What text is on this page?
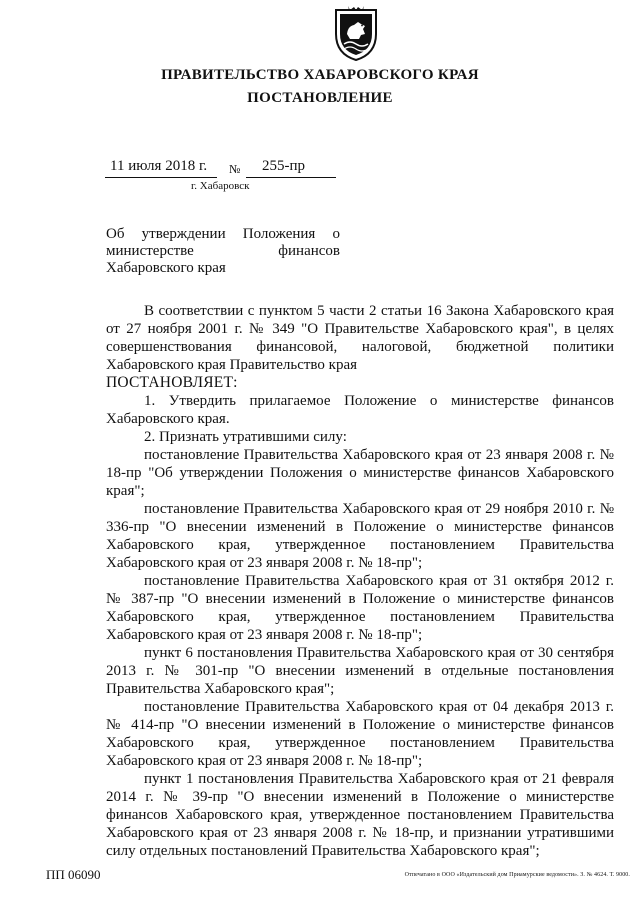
ПРАВИТЕЛЬСТВО ХАБАРОВСКОГО КРАЯ
ПОСТАНОВЛЕНИЕ
11 июля 2018 г. № 255-пр
г. Хабаровск
Об утверждении Положения о министерстве финансов Хабаровского края

В соответствии с пунктом 5 части 2 статьи 16 Закона Хабаровского края от 27 ноября 2001 г. № 349 "О Правительстве Хабаровского края", в целях совершенствования финансовой, налоговой, бюджетной политики Хабаровского края Правительство края

ПОСТАНОВЛЯЕТ:

1. Утвердить прилагаемое Положение о министерстве финансов Хабаровского края.

2. Признать утратившими силу:

постановление Правительства Хабаровского края от 23 января 2008 г. № 18-пр "Об утверждении Положения о министерстве финансов Хабаровского края";

постановление Правительства Хабаровского края от 29 ноября 2010 г. № 336-пр "О внесении изменений в Положение о министерстве финансов Хабаровского края, утвержденное постановлением Правительства Хабаровского края от 23 января 2008 г. № 18-пр";

постановление Правительства Хабаровского края от 31 октября 2012 г. № 387-пр "О внесении изменений в Положение о министерстве финансов Хабаровского края, утвержденное постановлением Правительства Хабаровского края от 23 января 2008 г. № 18-пр";

пункт 6 постановления Правительства Хабаровского края от 30 сентября 2013 г. № 301-пр "О внесении изменений в отдельные постановления Правительства Хабаровского края";

постановление Правительства Хабаровского края от 04 декабря 2013 г. № 414-пр "О внесении изменений в Положение о министерстве финансов Хабаровского края, утвержденное постановлением Правительства Хабаровского края от 23 января 2008 г. № 18-пр";

пункт 1 постановления Правительства Хабаровского края от 21 февраля 2014 г. № 39-пр "О внесении изменений в Положение о министерстве финансов Хабаровского края, утвержденное постановлением Правительства Хабаровского края от 23 января 2008 г. № 18-пр, и признании утратившими силу отдельных постановлений Правительства Хабаровского края";

ПП 06090	Отпечатано в ООО «Издательский дом Приамурские ведомости». З. № 4624. Т. 9000.
